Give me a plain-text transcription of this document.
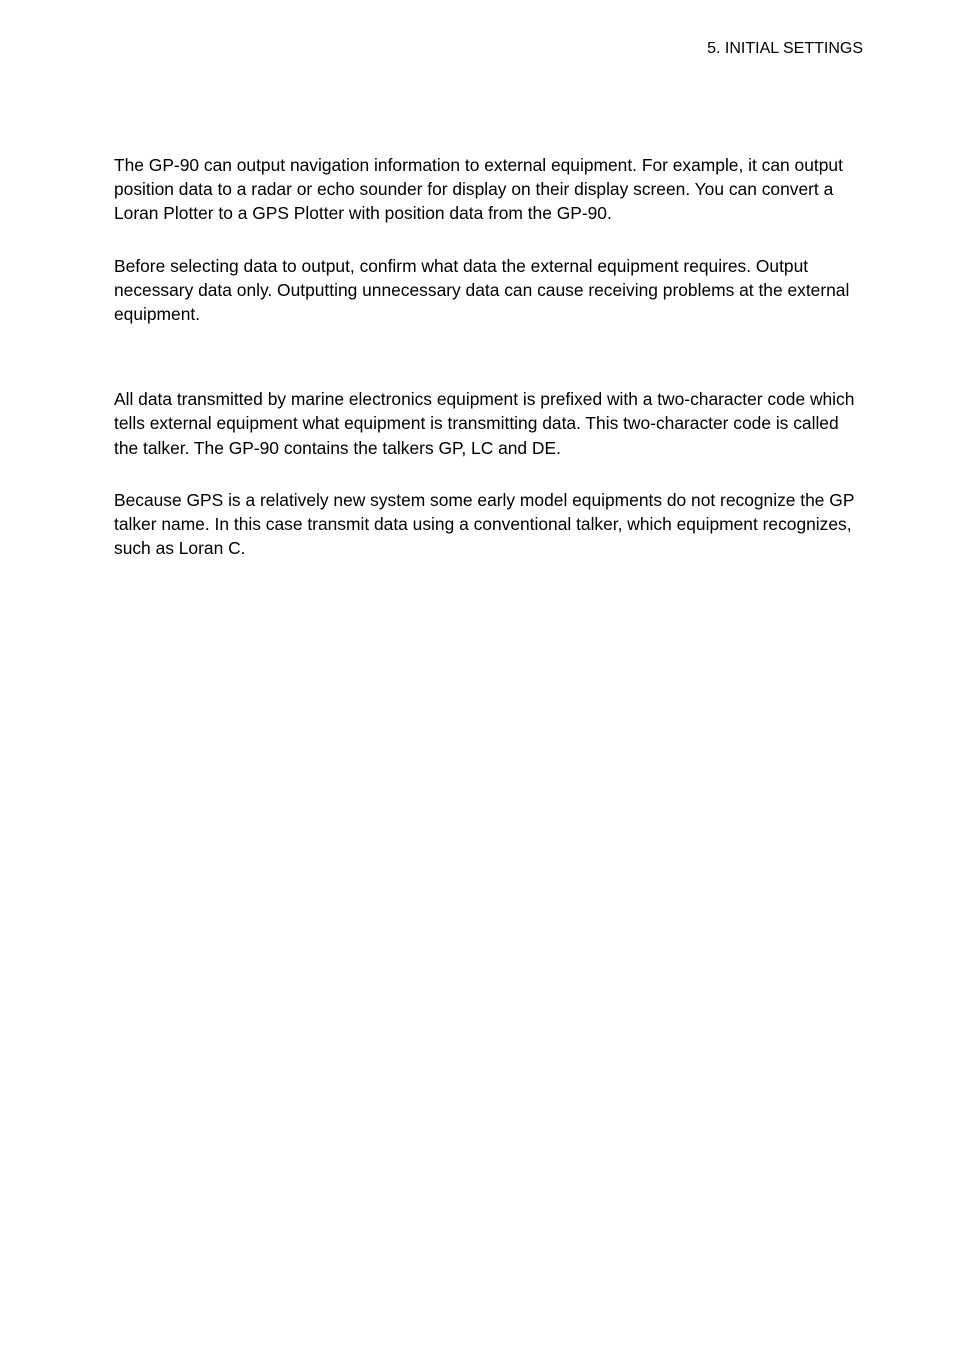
5. INITIAL SETTINGS

The GP-90 can output navigation information to external equipment. For example, it can output position data to a radar or echo sounder for display on their display screen. You can convert a Loran Plotter to a GPS Plotter with position data from the GP-90.

Before selecting data to output, confirm what data the external equipment requires. Output necessary data only. Outputting unnecessary data can cause receiving problems at the external equipment.

All data transmitted by marine electronics equipment is prefixed with a two-character code which tells external equipment what equipment is transmitting data. This two-character code is called the talker. The GP-90 contains the talkers GP, LC and DE.

Because GPS is a relatively new system some early model equipments do not recognize the GP talker name. In this case transmit data using a conventional talker, which equipment recognizes, such as Loran C.
